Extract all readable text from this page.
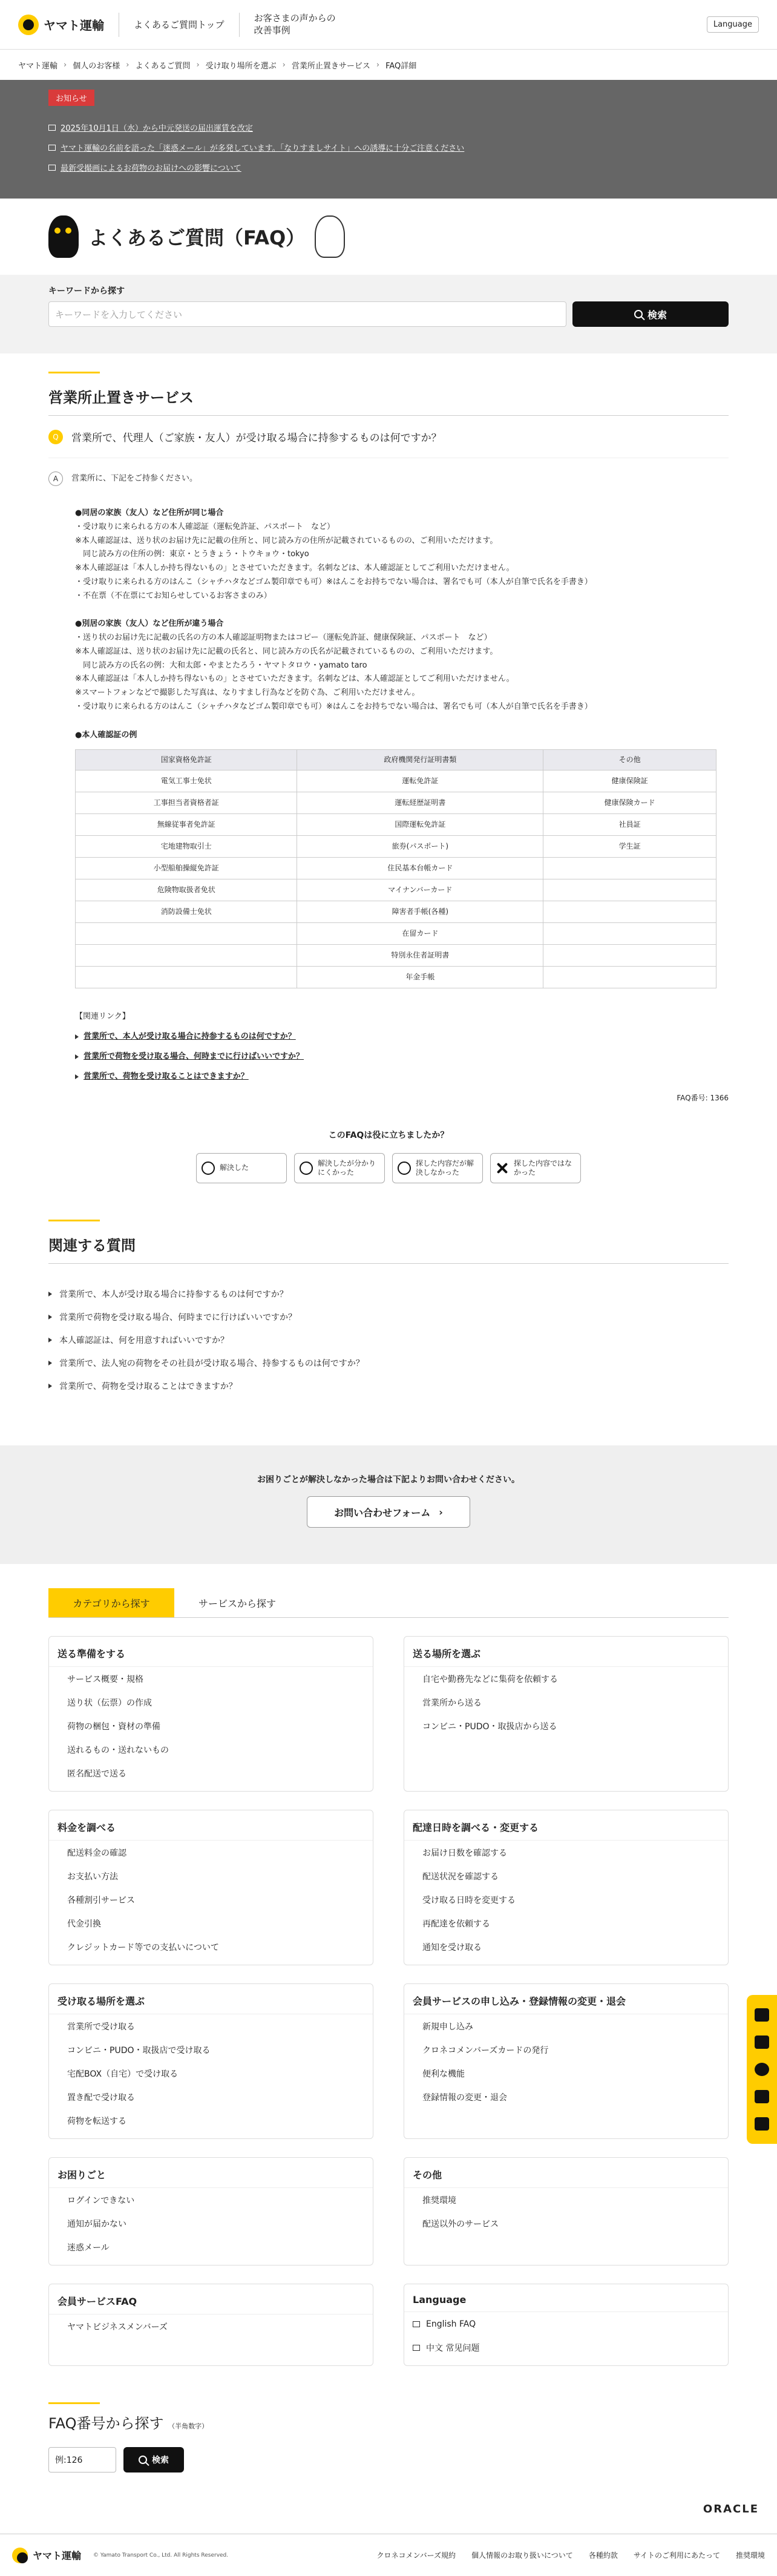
ヤマト運輸	よくあるご質問トップ
お客さまの声からの
改善事例	Language
ヤマト運輸 › 個人のお客様 › よくあるご質問 › 受け取り場所を選ぶ › 営業所止置きサービス › FAQ詳細
お知らせ
2025年10月1日（水）から中元発送の届出運賃を改定
ヤマト運輸の名前を語った「迷惑メール」が多発しています。「なりすましサイト」への誘導に十分ご注意ください
最新受撮画によるお荷物のお届けへの影響について
よくあるご質問（FAQ）
キーワードから探す
キーワードを入力してください	検索
営業所止置きサービス
Q	営業所で、代理人（ご家族・友人）が受け取る場合に持参するものは何ですか？
A	営業所に、下記をご持参ください。
●同居の家族（友人）など住所が同じ場合
・受け取りに来られる方の本人確認証（運転免許証、パスポート　など）
※本人確認証は、送り状のお届け先に記載の住所と、同じ読み方の住所が記載されているものの、ご利用いただけます。
　同じ読み方の住所の例：東京・とうきょう・トウキョウ・tokyo
※本人確認証は「本人しか持ち得ないもの」とさせていただきます。名刺などは、本人確認証としてご利用いただけません。
・受け取りに来られる方のはんこ（シャチハタなどゴム製印章でも可）※はんこをお持ちでない場合は、署名でも可（本人が自筆で氏名を手書き）
・不在票（不在票にてお知らせしているお客さまのみ）
●別居の家族（友人）など住所が違う場合
・送り状のお届け先に記載の氏名の方の本人確認証明物またはコピー（運転免許証、健康保険証、パスポート　など）
※本人確認証は、送り状のお届け先に記載の氏名と、同じ読み方の氏名が記載されているものの、ご利用いただけます。
　同じ読み方の氏名の例：大和太郎・やまとたろう・ヤマトタロウ・yamato taro
※本人確認証は「本人しか持ち得ないもの」とさせていただきます。名刺などは、本人確認証としてご利用いただけません。
※スマートフォンなどで撮影した写真は、なりすまし行為などを防ぐ為、ご利用いただけません。
・受け取りに来られる方のはんこ（シャチハタなどゴム製印章でも可）※はんこをお持ちでない場合は、署名でも可（本人が自筆で氏名を手書き）
●本人確認証の例
国家資格免許証	政府機関発行証明書類	その他
電気工事士免状	運転免許証	健康保険証
工事担当者資格者証	運転経歴証明書	健康保険カード
無線従事者免許証	国際運転免許証	社員証
宅地建物取引士	旅券(パスポート)	学生証
小型船舶操縦免許証	住民基本台帳カード	
危険物取扱者免状	マイナンバーカード	
消防設備士免状	障害者手帳(各種)	
	在留カード	
	特別永住者証明書	
	年金手帳	
【関連リンク】
営業所で、本人が受け取る場合に持参するものは何ですか？
営業所で荷物を受け取る場合、何時までに行けばいいですか？
営業所で、荷物を受け取ることはできますか？
FAQ番号: 1366
このFAQは役に立ちましたか？
解決した
解決したが分かりにくかった
探した内容だが解決しなかった
探した内容ではなかった
関連する質問
営業所で、本人が受け取る場合に持参するものは何ですか？
営業所で荷物を受け取る場合、何時までに行けばいいですか？
本人確認証は、何を用意すればいいですか？
営業所で、法人宛の荷物をその社員が受け取る場合、持参するものは何ですか？
営業所で、荷物を受け取ることはできますか？
お困りごとが解決しなかった場合は下記よりお問い合わせください。
お問い合わせフォーム ›
カテゴリから探す	サービスから探す
送る準備をする
サービス概要・規格
送り状（伝票）の作成
荷物の梱包・資材の準備
送れるもの・送れないもの
匿名配送で送る
送る場所を選ぶ
自宅や勤務先などに集荷を依頼する
営業所から送る
コンビニ・PUDO・取扱店から送る
料金を調べる
配送料金の確認
お支払い方法
各種割引サービス
代金引換
クレジットカード等での支払いについて
配達日時を調べる・変更する
お届け日数を確認する
配送状況を確認する
受け取る日時を変更する
再配達を依頼する
通知を受け取る
受け取る場所を選ぶ
営業所で受け取る
コンビニ・PUDO・取扱店で受け取る
宅配BOX（自宅）で受け取る
置き配で受け取る
荷物を転送する
会員サービスの申し込み・登録情報の変更・退会
新規申し込み
クロネコメンバーズカードの発行
便利な機能
登録情報の変更・退会
お困りごと
ログインできない
通知が届かない
迷惑メール
その他
推奨環境
配送以外のサービス
会員サービスFAQ
ヤマトビジネスメンバーズ
Language
English FAQ
中文 常见问题
FAQ番号から探す （半角数字）
例:126	検索
ORACLE
ヤマト運輸 © Yamato Transport Co., Ltd. All Rights Reserved.	クロネコメンバーズ規約 個人情報のお取り扱いについて 各種約款 サイトのご利用にあたって 推奨環境
